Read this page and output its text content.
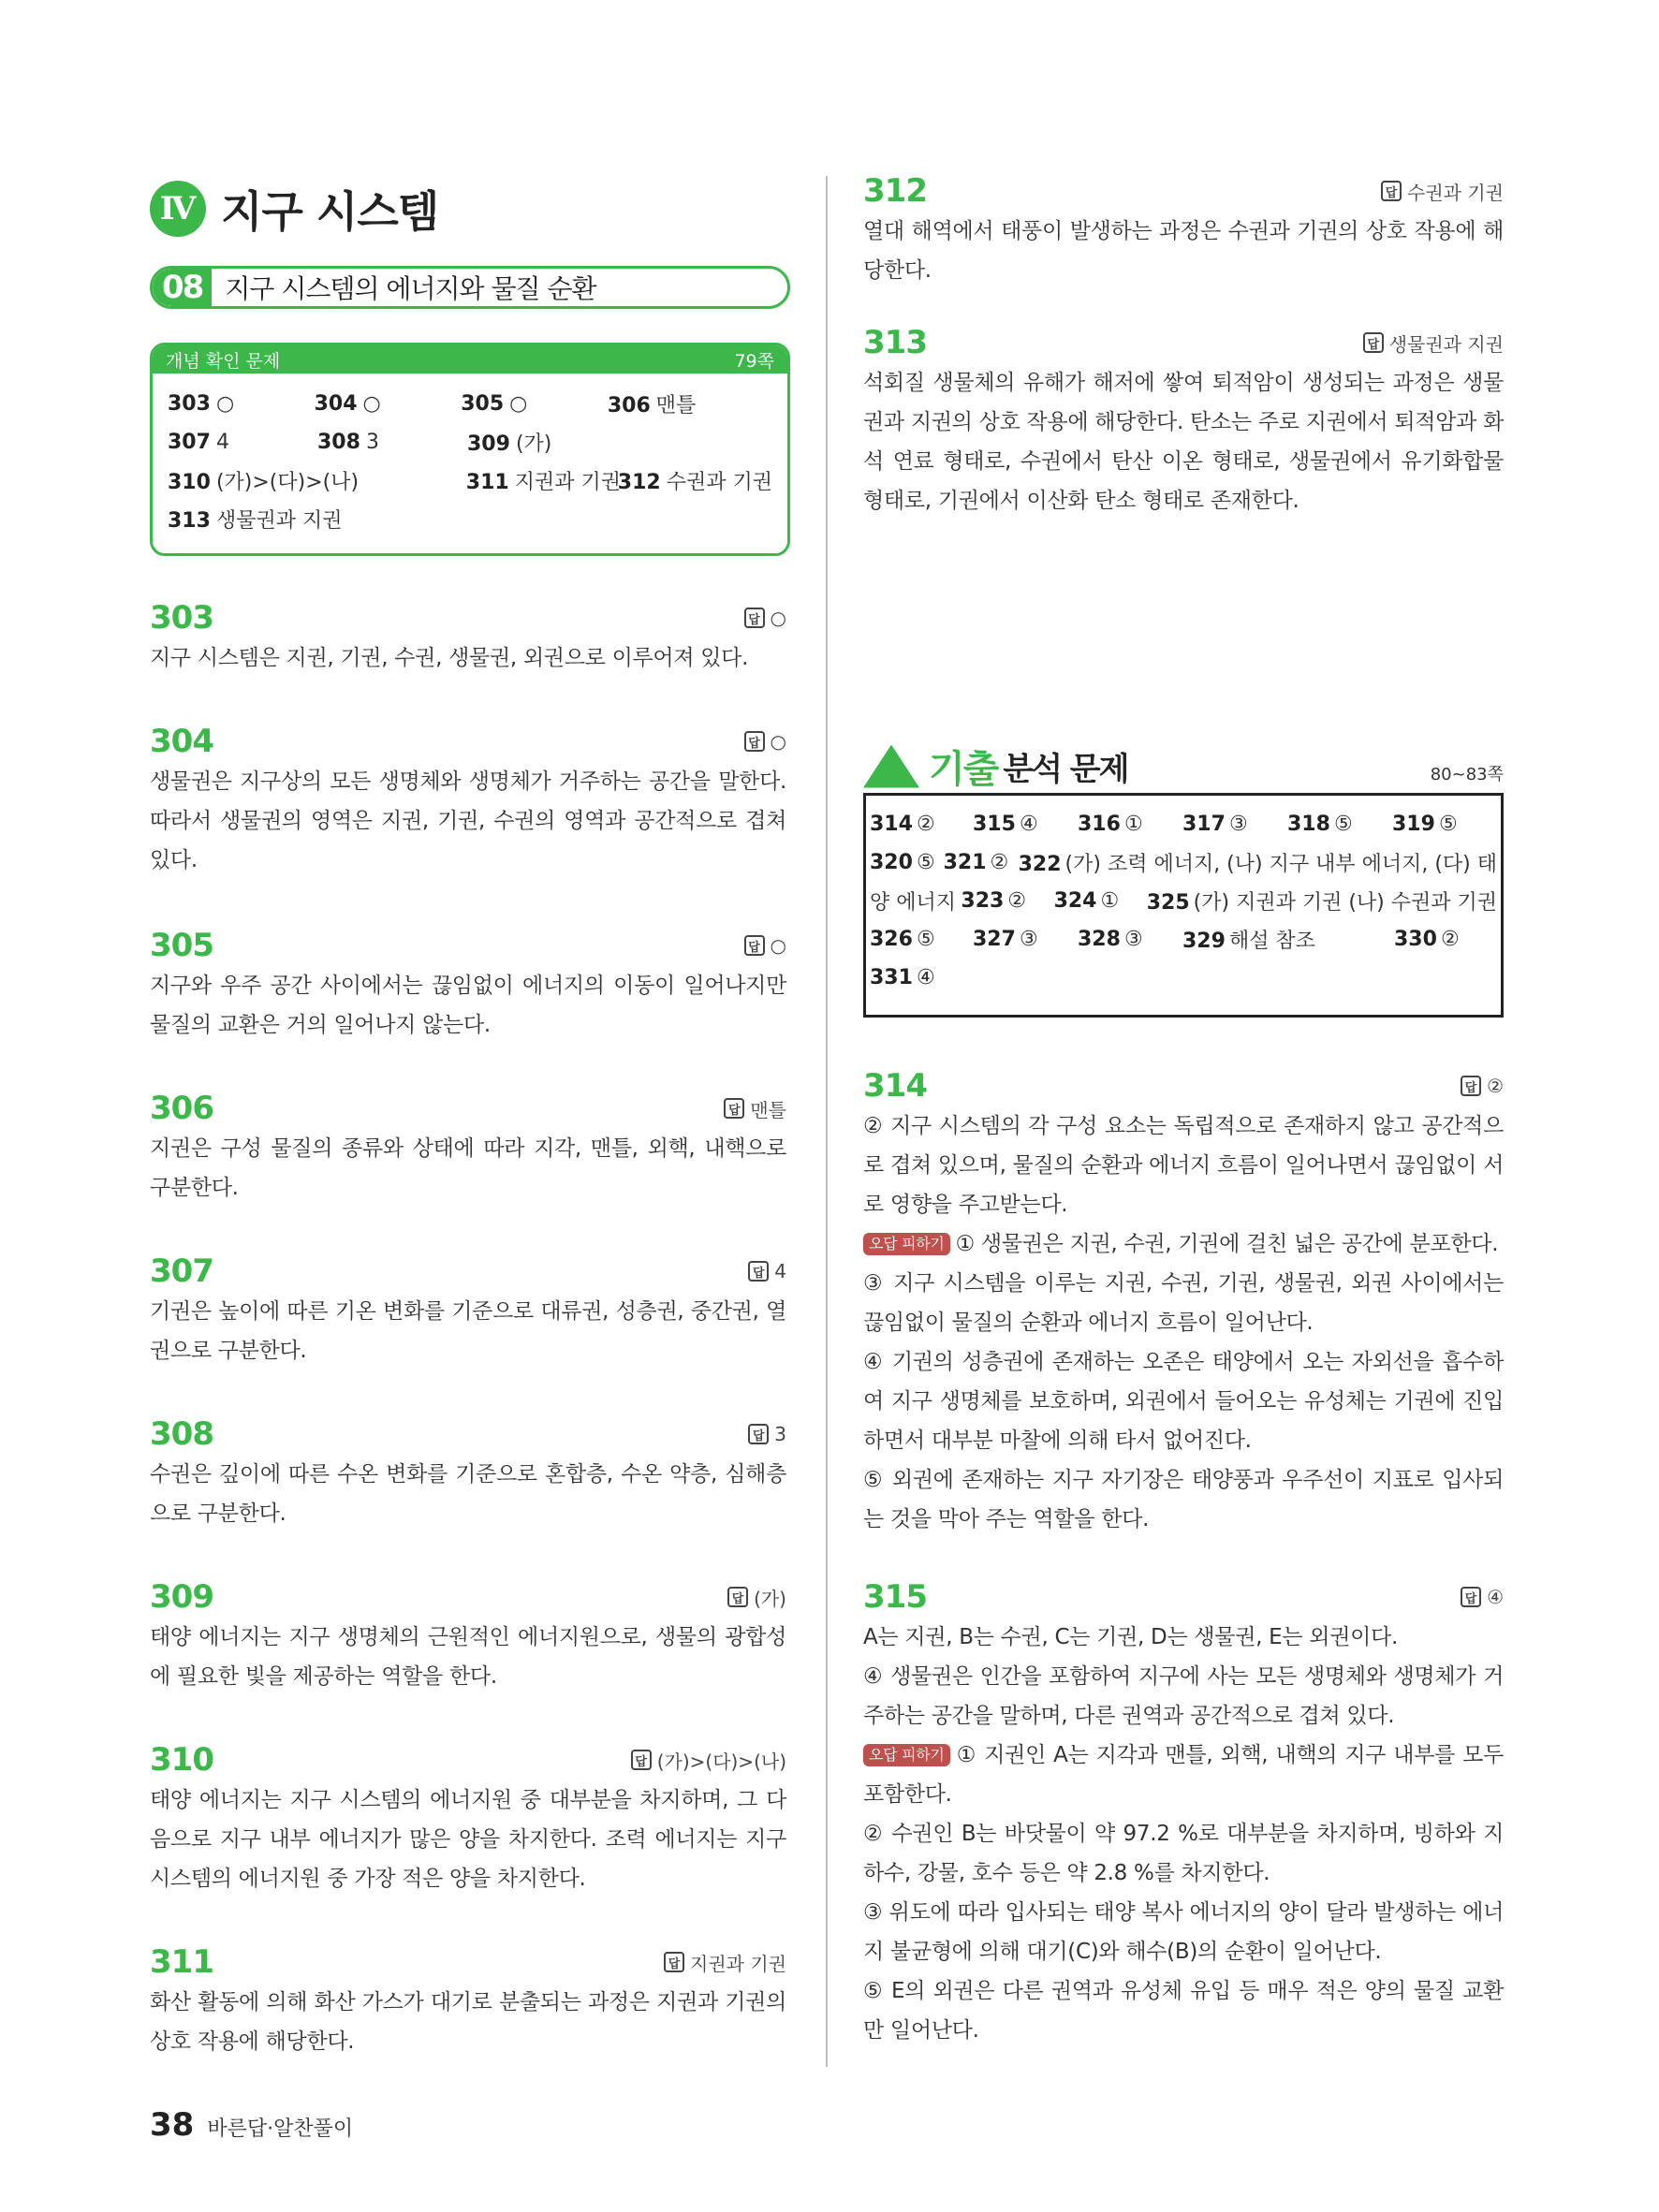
Ⅳ 지구 시스템
08 지구 시스템의 에너지와 물질 순환
개념 확인 문제	79쪽
303 ○	304 ○	305 ○	306 맨틀
307 4	308 3	309 (가)
310 (가)>(다)>(나)	311 지권과 기권
312 수권과 기권
313 생물권과 지권
303	답 ○
지구 시스템은 지권, 기권, 수권, 생물권, 외권으로 이루어져 있다.
304	답 ○
생물권은 지구상의 모든 생명체와 생명체가 거주하는 공간을 말한다. 따라서 생물권의 영역은 지권, 기권, 수권의 영역과 공간적으로 겹쳐 있다.
305	답 ○
지구와 우주 공간 사이에서는 끊임없이 에너지의 이동이 일어나지만 물질의 교환은 거의 일어나지 않는다.
306	답 맨틀
지권은 구성 물질의 종류와 상태에 따라 지각, 맨틀, 외핵, 내핵으로 구분한다.
307	답 4
기권은 높이에 따른 기온 변화를 기준으로 대류권, 성층권, 중간권, 열권으로 구분한다.
308	답 3
수권은 깊이에 따른 수온 변화를 기준으로 혼합층, 수온 약층, 심해층으로 구분한다.
309	답 (가)
태양 에너지는 지구 생명체의 근원적인 에너지원으로, 생물의 광합성에 필요한 빛을 제공하는 역할을 한다.
310	답 (가)>(다)>(나)
태양 에너지는 지구 시스템의 에너지원 중 대부분을 차지하며, 그 다음으로 지구 내부 에너지가 많은 양을 차지한다. 조력 에너지는 지구 시스템의 에너지원 중 가장 적은 양을 차지한다.
311	답 지권과 기권
화산 활동에 의해 화산 가스가 대기로 분출되는 과정은 지권과 기권의 상호 작용에 해당한다.
312	답 수권과 기권
열대 해역에서 태풍이 발생하는 과정은 수권과 기권의 상호 작용에 해당한다.
313	답 생물권과 지권
석회질 생물체의 유해가 해저에 쌓여 퇴적암이 생성되는 과정은 생물권과 지권의 상호 작용에 해당한다. 탄소는 주로 지권에서 퇴적암과 화석 연료 형태로, 수권에서 탄산 이온 형태로, 생물권에서 유기화합물 형태로, 기권에서 이산화 탄소 형태로 존재한다.
기출 분석 문제	80~83쪽
314 ②	315 ④	316 ①	317 ③	318 ⑤	319 ⑤
320 ⑤ 321 ② 322 (가) 조력 에너지, (나) 지구 내부 에너지, (다) 태
양 에너지 323 ②	324 ①	325 (가) 지권과 기권 (나) 수권과 기권
326 ⑤	327 ③	328 ③	329 해설 참조	330 ②
331 ④
314	답 ②
② 지구 시스템의 각 구성 요소는 독립적으로 존재하지 않고 공간적으로 겹쳐 있으며, 물질의 순환과 에너지 흐름이 일어나면서 끊임없이 서로 영향을 주고받는다.
오답 피하기 ① 생물권은 지권, 수권, 기권에 걸친 넓은 공간에 분포한다.
③ 지구 시스템을 이루는 지권, 수권, 기권, 생물권, 외권 사이에서는 끊임없이 물질의 순환과 에너지 흐름이 일어난다.
④ 기권의 성층권에 존재하는 오존은 태양에서 오는 자외선을 흡수하여 지구 생명체를 보호하며, 외권에서 들어오는 유성체는 기권에 진입하면서 대부분 마찰에 의해 타서 없어진다.
⑤ 외권에 존재하는 지구 자기장은 태양풍과 우주선이 지표로 입사되는 것을 막아 주는 역할을 한다.
315	답 ④
A는 지권, B는 수권, C는 기권, D는 생물권, E는 외권이다.
④ 생물권은 인간을 포함하여 지구에 사는 모든 생명체와 생명체가 거주하는 공간을 말하며, 다른 권역과 공간적으로 겹쳐 있다.
오답 피하기 ① 지권인 A는 지각과 맨틀, 외핵, 내핵의 지구 내부를 모두 포함한다.
② 수권인 B는 바닷물이 약 97.2 %로 대부분을 차지하며, 빙하와 지하수, 강물, 호수 등은 약 2.8 %를 차지한다.
③ 위도에 따라 입사되는 태양 복사 에너지의 양이 달라 발생하는 에너지 불균형에 의해 대기(C)와 해수(B)의 순환이 일어난다.
⑤ E의 외권은 다른 권역과 유성체 유입 등 매우 적은 양의 물질 교환만 일어난다.
38 바른답·알찬풀이
